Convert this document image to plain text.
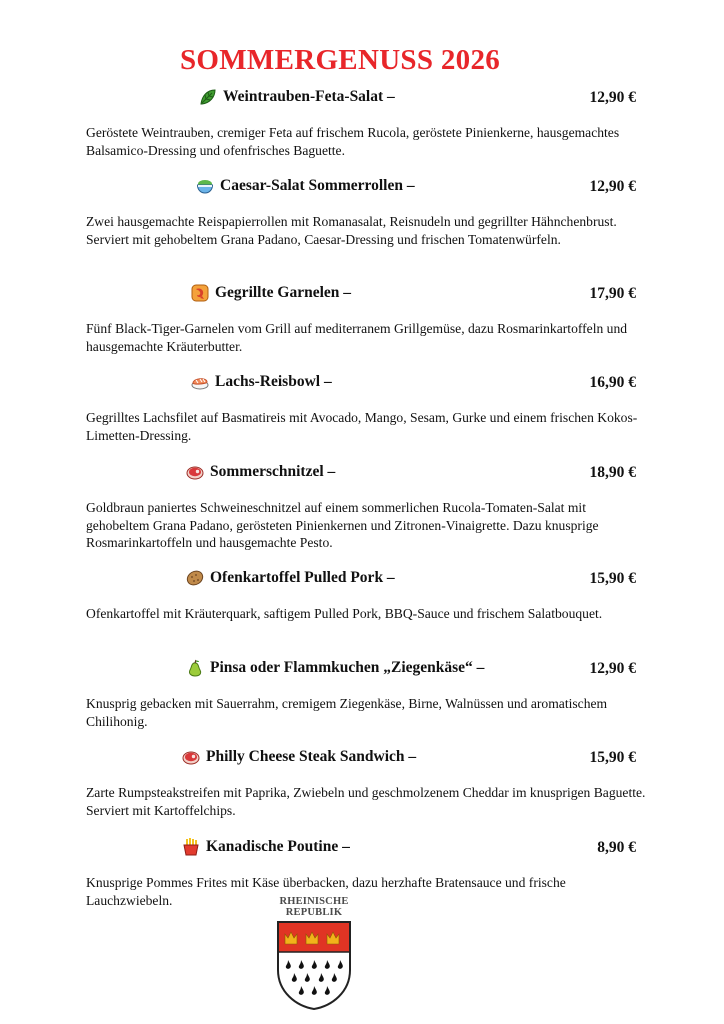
SOMMERGENUSS 2026
Weintrauben-Feta-Salat –	12,90 €
Geröstete Weintrauben, cremiger Feta auf frischem Rucola, geröstete Pinienkerne, hausgemachtes Balsamico-Dressing und ofenfrisches Baguette.
Caesar-Salat Sommerrollen –	12,90 €
Zwei hausgemachte Reispapierrollen mit Romanasalat, Reisnudeln und gegrillter Hähnchenbrust. Serviert mit gehobeltem Grana Padano, Caesar-Dressing und frischen Tomatenwürfeln.
Gegrillte Garnelen –	17,90 €
Fünf Black-Tiger-Garnelen vom Grill auf mediterranem Grillgemüse, dazu Rosmarinkartoffeln und hausgemachte Kräuterbutter.
Lachs-Reisbowl –	16,90 €
Gegrilltes Lachsfilet auf Basmatireis mit Avocado, Mango, Sesam, Gurke und einem frischen Kokos-Limetten-Dressing.
Sommerschnitzel –	18,90 €
Goldbraun paniertes Schweineschnitzel auf einem sommerlichen Rucola-Tomaten-Salat mit gehobeltem Grana Padano, gerösteten Pinienkernen und Zitronen-Vinaigrette. Dazu knusprige Rosmarinkartoffeln und hausgemachte Pesto.
Ofenkartoffel Pulled Pork –	15,90 €
Ofenkartoffel mit Kräuterquark, saftigem Pulled Pork, BBQ-Sauce und frischem Salatbouquet.
Pinsa oder Flammkuchen „Ziegenkäse“ –	12,90 €
Knusprig gebacken mit Sauerrahm, cremigem Ziegenkäse, Birne, Walnüssen und aromatischem Chilihonig.
Philly Cheese Steak Sandwich –	15,90 €
Zarte Rumpsteakstreifen mit Paprika, Zwiebeln und geschmolzenem Cheddar im knusprigen Baguette. Serviert mit Kartoffelchips.
Kanadische Poutine –	8,90 €
Knusprige Pommes Frites mit Käse überbacken, dazu herzhafte Bratensauce und frische Lauchzwiebeln.	RHEINISCHE
REPUBLIK
